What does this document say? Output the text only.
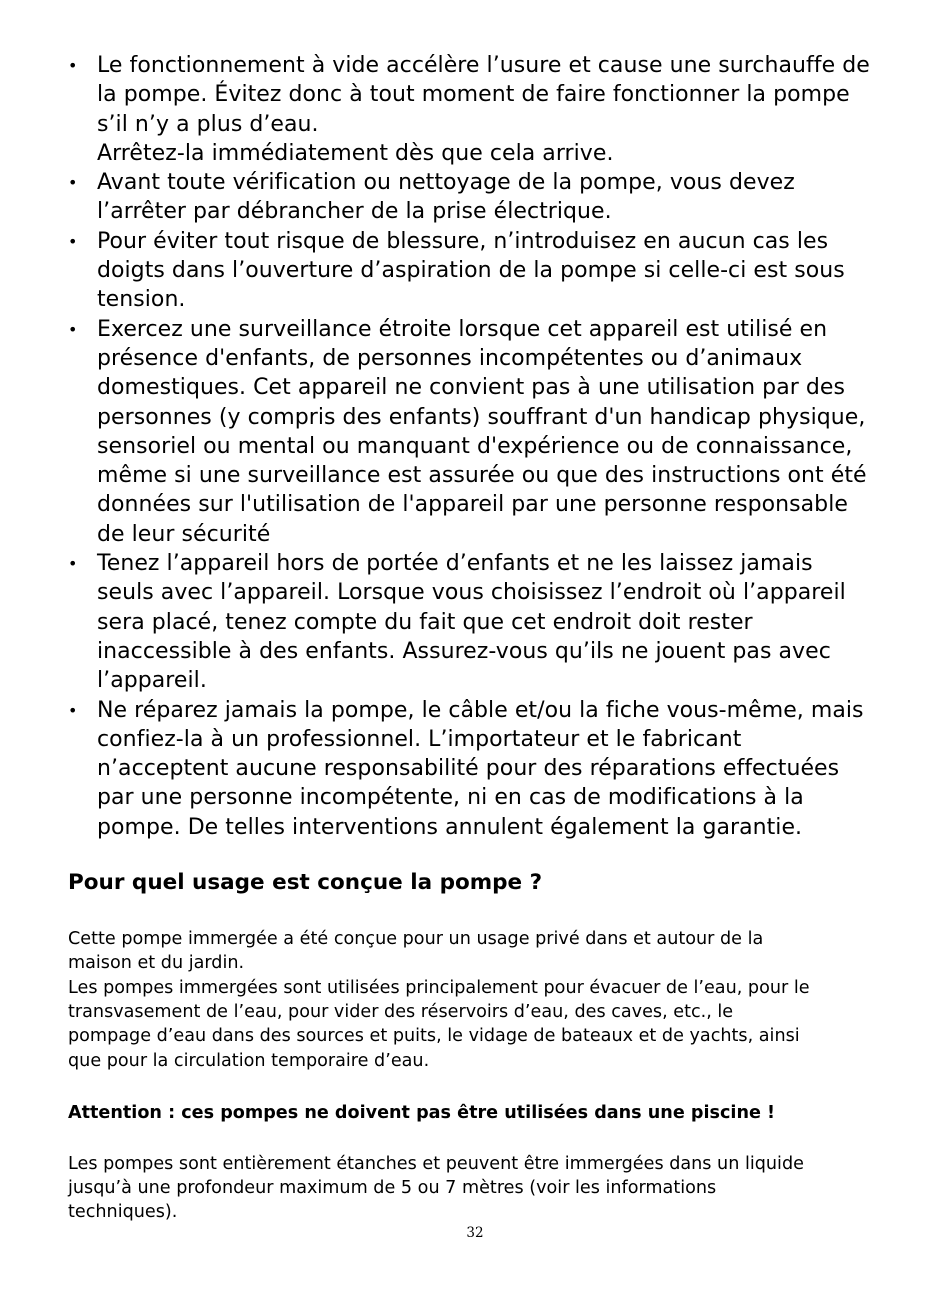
• Le fonctionnement à vide accélère l’usure et cause une surchauffe de
la pompe. Évitez donc à tout moment de faire fonctionner la pompe
s’il n’y a plus d’eau.
Arrêtez-la immédiatement dès que cela arrive.
• Avant toute vérification ou nettoyage de la pompe, vous devez
l’arrêter par débrancher de la prise électrique.
• Pour éviter tout risque de blessure, n’introduisez en aucun cas les
doigts dans l’ouverture d’aspiration de la pompe si celle-ci est sous
tension.
• Exercez une surveillance étroite lorsque cet appareil est utilisé en
présence d'enfants, de personnes incompétentes ou d’animaux
domestiques. Cet appareil ne convient pas à une utilisation par des
personnes (y compris des enfants) souffrant d'un handicap physique,
sensoriel ou mental ou manquant d'expérience ou de connaissance,
même si une surveillance est assurée ou que des instructions ont été
données sur l'utilisation de l'appareil par une personne responsable
de leur sécurité
• Tenez l’appareil hors de portée d’enfants et ne les laissez jamais
seuls avec l’appareil. Lorsque vous choisissez l’endroit où l’appareil
sera placé, tenez compte du fait que cet endroit doit rester
inaccessible à des enfants. Assurez-vous qu’ils ne jouent pas avec
l’appareil.
• Ne réparez jamais la pompe, le câble et/ou la fiche vous-même, mais
confiez-la à un professionnel. L’importateur et le fabricant
n’acceptent aucune responsabilité pour des réparations effectuées
par une personne incompétente, ni en cas de modifications à la
pompe. De telles interventions annulent également la garantie.
Pour quel usage est conçue la pompe ?

Cette pompe immergée a été conçue pour un usage privé dans et autour de la
maison et du jardin.

Les pompes immergées sont utilisées principalement pour évacuer de l’eau, pour le
transvasement de l’eau, pour vider des réservoirs d’eau, des caves, etc., le
pompage d’eau dans des sources et puits, le vidage de bateaux et de yachts, ainsi
que pour la circulation temporaire d’eau.

Attention : ces pompes ne doivent pas être utilisées dans une piscine !

Les pompes sont entièrement étanches et peuvent être immergées dans un liquide
jusqu’à une profondeur maximum de 5 ou 7 mètres (voir les informations
techniques).

32
